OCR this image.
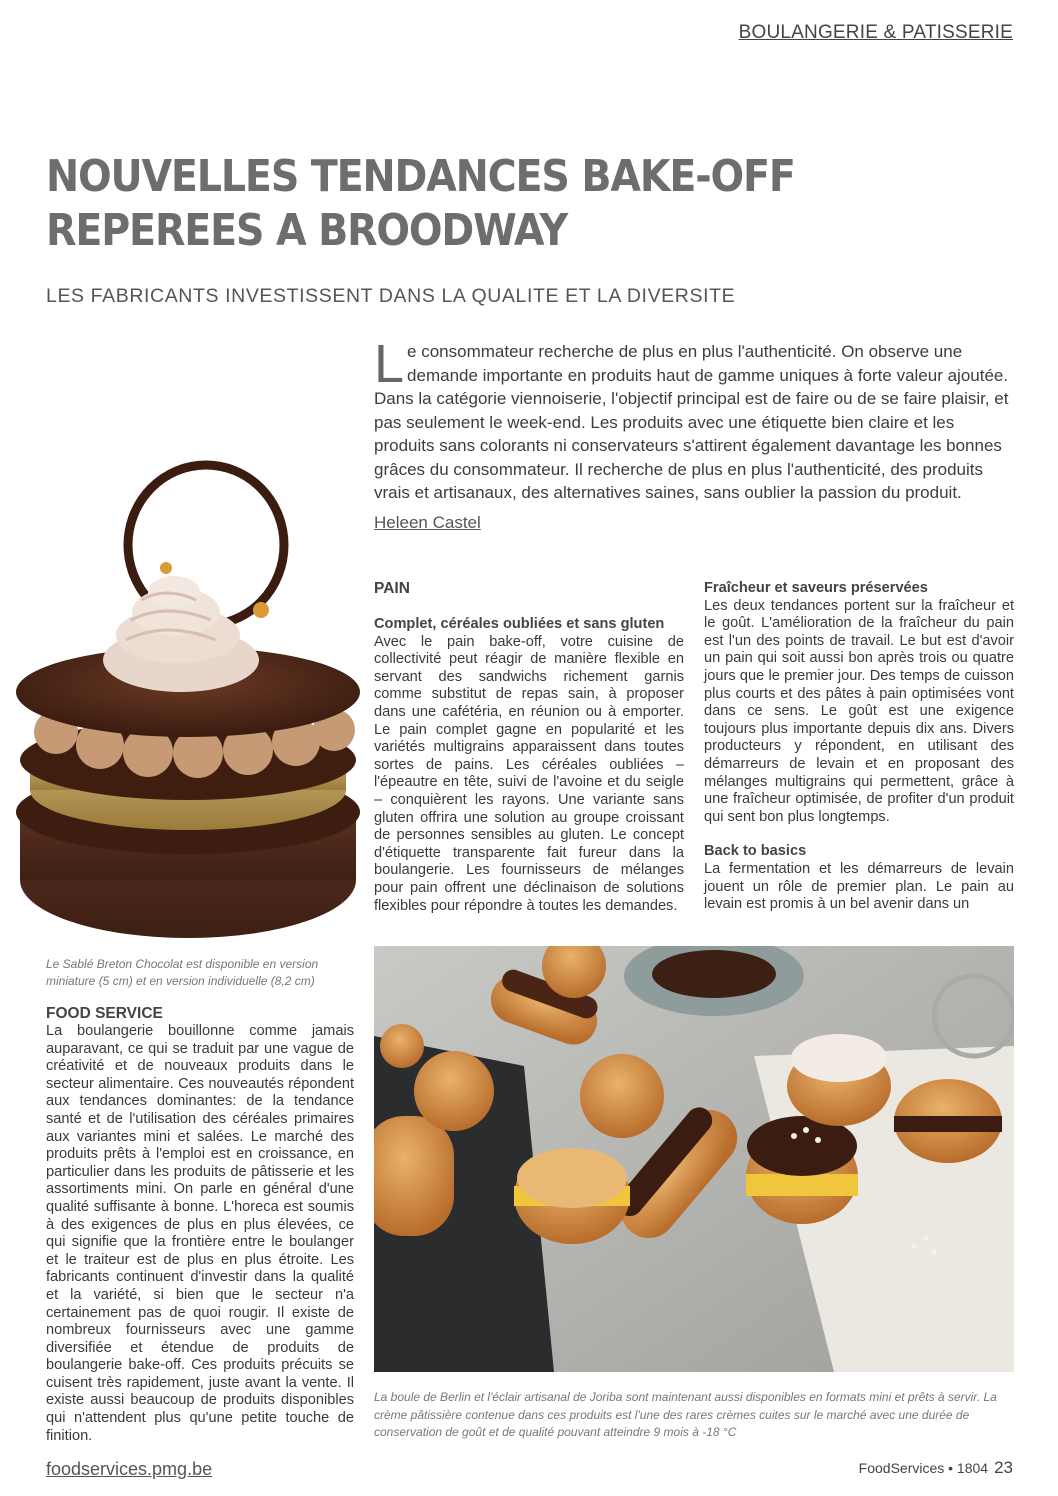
BOULANGERIE & PATISSERIE
NOUVELLES TENDANCES BAKE-OFF
REPEREES A BROODWAY
LES FABRICANTS INVESTISSENT DANS LA QUALITE ET LA DIVERSITE
Le consommateur recherche de plus en plus l'authenticité. On observe une demande importante en produits haut de gamme uniques à forte valeur ajoutée. Dans la catégorie viennoiserie, l'objectif principal est de faire ou de se faire plaisir, et pas seulement le week-end. Les produits avec une étiquette bien claire et les produits sans colorants ni conservateurs s'attirent également davantage les bonnes grâces du consommateur. Il recherche de plus en plus l'authenticité, des produits vrais et artisanaux, des alternatives saines, sans oublier la passion du produit.
Heleen Castel
PAIN
Complet, céréales oubliées et sans gluten

Avec le pain bake-off, votre cuisine de collectivité peut réagir de manière flexible en servant des sandwichs richement garnis comme substitut de repas sain, à proposer dans une cafétéria, en réunion ou à emporter. Le pain complet gagne en popularité et les variétés multigrains apparaissent dans toutes sortes de pains. Les céréales oubliées – l'épeautre en tête, suivi de l'avoine et du seigle – conquièrent les rayons. Une variante sans gluten offrira une solution au groupe croissant de personnes sensibles au gluten. Le concept d'étiquette transparente fait fureur dans la boulangerie. Les fournisseurs de mélanges pour pain offrent une déclinaison de solutions flexibles pour répondre à toutes les demandes.

Fraîcheur et saveurs préservées

Les deux tendances portent sur la fraîcheur et le goût. L'amélioration de la fraîcheur du pain est l'un des points de travail. Le but est d'avoir un pain qui soit aussi bon après trois ou quatre jours que le premier jour. Des temps de cuisson plus courts et des pâtes à pain optimisées vont dans ce sens. Le goût est une exigence toujours plus importante depuis dix ans. Divers producteurs y répondent, en utilisant des démarreurs de levain et en proposant des mélanges multigrains qui permettent, grâce à une fraîcheur optimisée, de profiter d'un produit qui sent bon plus longtemps.

Back to basics

La fermentation et les démarreurs de levain jouent un rôle de premier plan. Le pain au levain est promis à un bel avenir dans un

Le Sablé Breton Chocolat est disponible en version miniature (5 cm) et en version individuelle (8,2 cm)
FOOD SERVICE

La boulangerie bouillonne comme jamais auparavant, ce qui se traduit par une vague de créativité et de nouveaux produits dans le secteur alimentaire. Ces nouveautés répondent aux tendances dominantes: de la tendance santé et de l'utilisation des céréales primaires aux variantes mini et salées. Le marché des produits prêts à l'emploi est en croissance, en particulier dans les produits de pâtisserie et les assortiments mini. On parle en général d'une qualité suffisante à bonne. L'horeca est soumis à des exigences de plus en plus élevées, ce qui signifie que la frontière entre le boulanger et le traiteur est de plus en plus étroite. Les fabricants continuent d'investir dans la qualité et la variété, si bien que le secteur n'a certainement pas de quoi rougir. Il existe de nombreux fournisseurs avec une gamme diversifiée et étendue de produits de boulangerie bake-off. Ces produits précuits se cuisent très rapidement, juste avant la vente. Il existe aussi beaucoup de produits disponibles qui n'attendent plus qu'une petite touche de finition.

La boule de Berlin et l'éclair artisanal de Joriba sont maintenant aussi disponibles en formats mini et prêts à servir. La crème pâtissière contenue dans ces produits est l'une des rares crèmes cuites sur le marché avec une durée de conservation de goût et de qualité pouvant atteindre 9 mois à -18 °C
foodservices.pmg.be	FoodServices • 1804 23
